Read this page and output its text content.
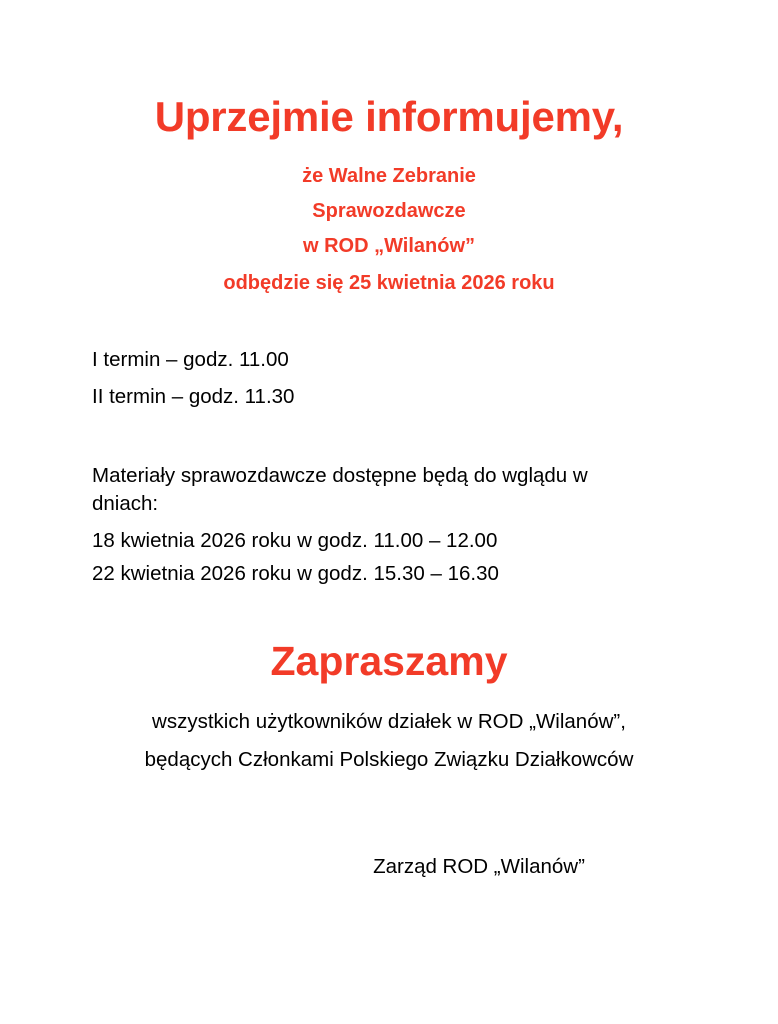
Uprzejmie informujemy,
że Walne Zebranie
Sprawozdawcze
w ROD „Wilanów”
odbędzie się 25 kwietnia 2026 roku
I termin – godz. 11.00
II termin – godz. 11.30
Materiały sprawozdawcze dostępne będą do wglądu w dniach:
18 kwietnia 2026 roku w godz. 11.00 – 12.00
22 kwietnia 2026 roku w godz. 15.30 – 16.30
Zapraszamy
wszystkich użytkowników działek w ROD „Wilanów”,
będących Członkami Polskiego Związku Działkowców
Zarząd ROD „Wilanów”
